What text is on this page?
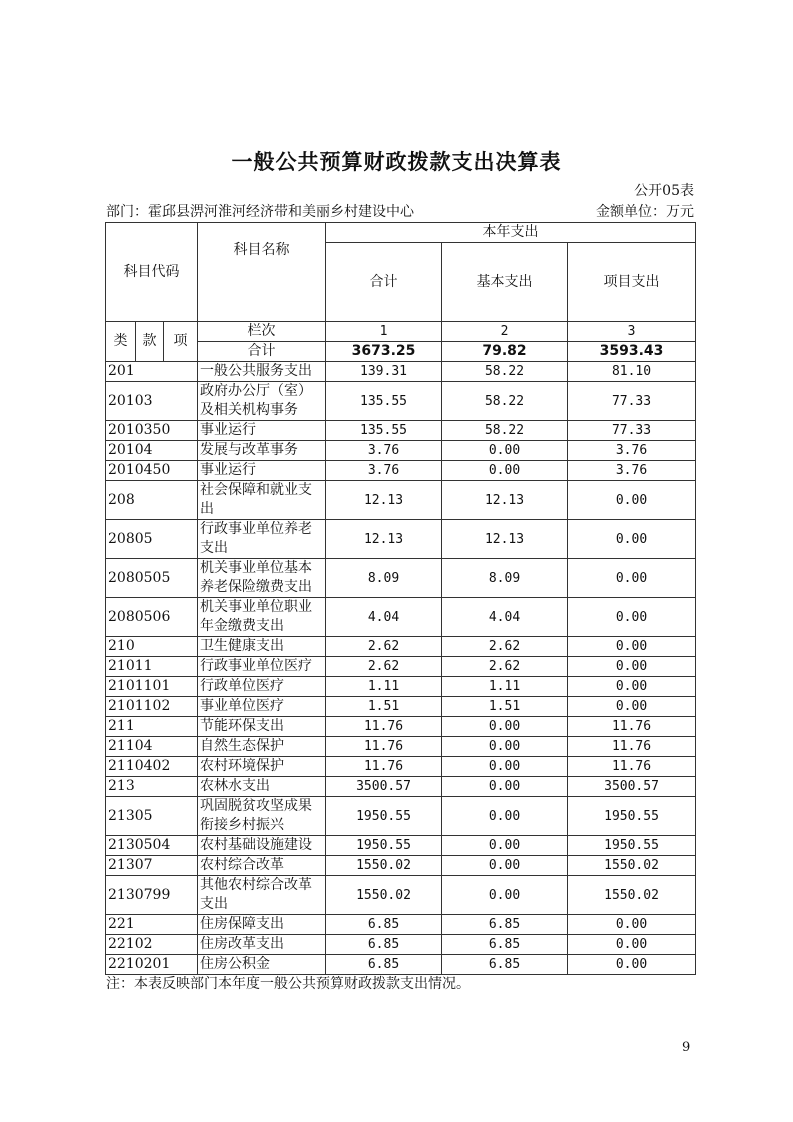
一般公共预算财政拨款支出决算表
公开05表
部门：霍邱县淠河淮河经济带和美丽乡村建设中心	金额单位：万元
科目代码			科目名称	本年支出		
				合计	基本支出	项目支出
类	款	项	栏次	1	2	3
			合计	3673.25	79.82	3593.43
201			一般公共服务支出	139.31	58.22	81.10
20103			政府办公厅（室）及相关机构事务	135.55	58.22	77.33
2010350			事业运行	135.55	58.22	77.33
20104			发展与改革事务	3.76	0.00	3.76
2010450			事业运行	3.76	0.00	3.76
208			社会保障和就业支出	12.13	12.13	0.00
20805			行政事业单位养老支出	12.13	12.13	0.00
2080505			机关事业单位基本养老保险缴费支出	8.09	8.09	0.00
2080506			机关事业单位职业年金缴费支出	4.04	4.04	0.00
210			卫生健康支出	2.62	2.62	0.00
21011			行政事业单位医疗	2.62	2.62	0.00
2101101			行政单位医疗	1.11	1.11	0.00
2101102			事业单位医疗	1.51	1.51	0.00
211			节能环保支出	11.76	0.00	11.76
21104			自然生态保护	11.76	0.00	11.76
2110402			农村环境保护	11.76	0.00	11.76
213			农林水支出	3500.57	0.00	3500.57
21305			巩固脱贫攻坚成果衔接乡村振兴	1950.55	0.00	1950.55
2130504			农村基础设施建设	1950.55	0.00	1950.55
21307			农村综合改革	1550.02	0.00	1550.02
2130799			其他农村综合改革支出	1550.02	0.00	1550.02
221			住房保障支出	6.85	6.85	0.00
22102			住房改革支出	6.85	6.85	0.00
2210201			住房公积金	6.85	6.85	0.00
注：本表反映部门本年度一般公共预算财政拨款支出情况。
9
